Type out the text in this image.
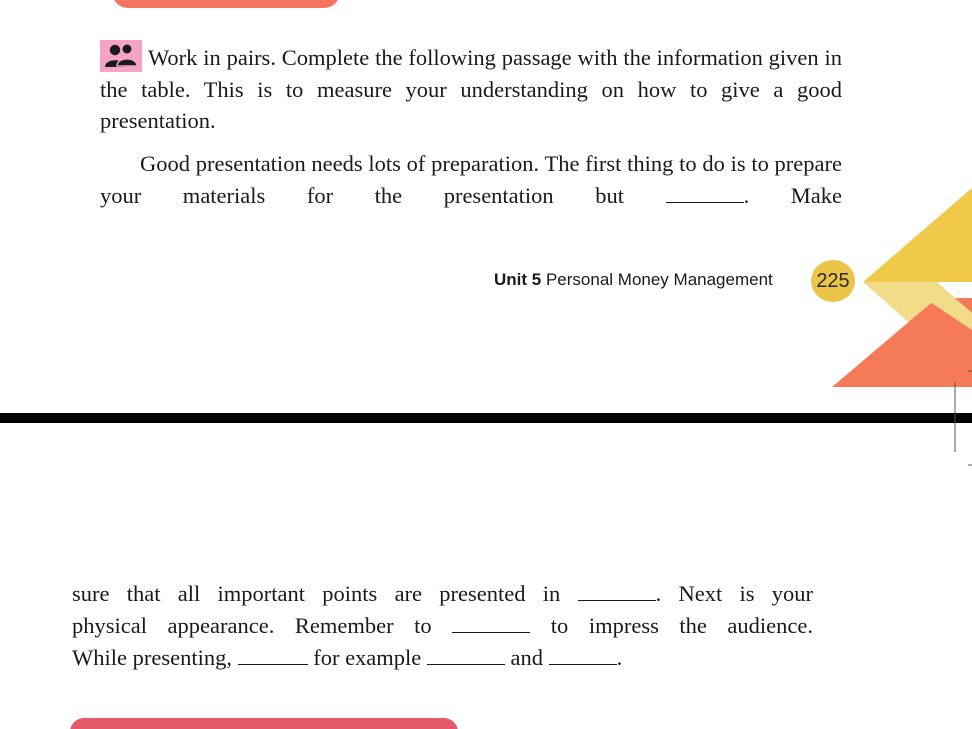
Work in pairs. Complete the following passage with the information given in the table. This is to measure your understanding on how to give a good presentation.
Good presentation needs lots of preparation. The first thing to do is to prepare your materials for the presentation but	. Make
Unit 5 Personal Money Management 225
sure that all important points are presented in	. Next is your
physical appearance. Remember to	to impress the audience.
While presenting,	for example	and	.
